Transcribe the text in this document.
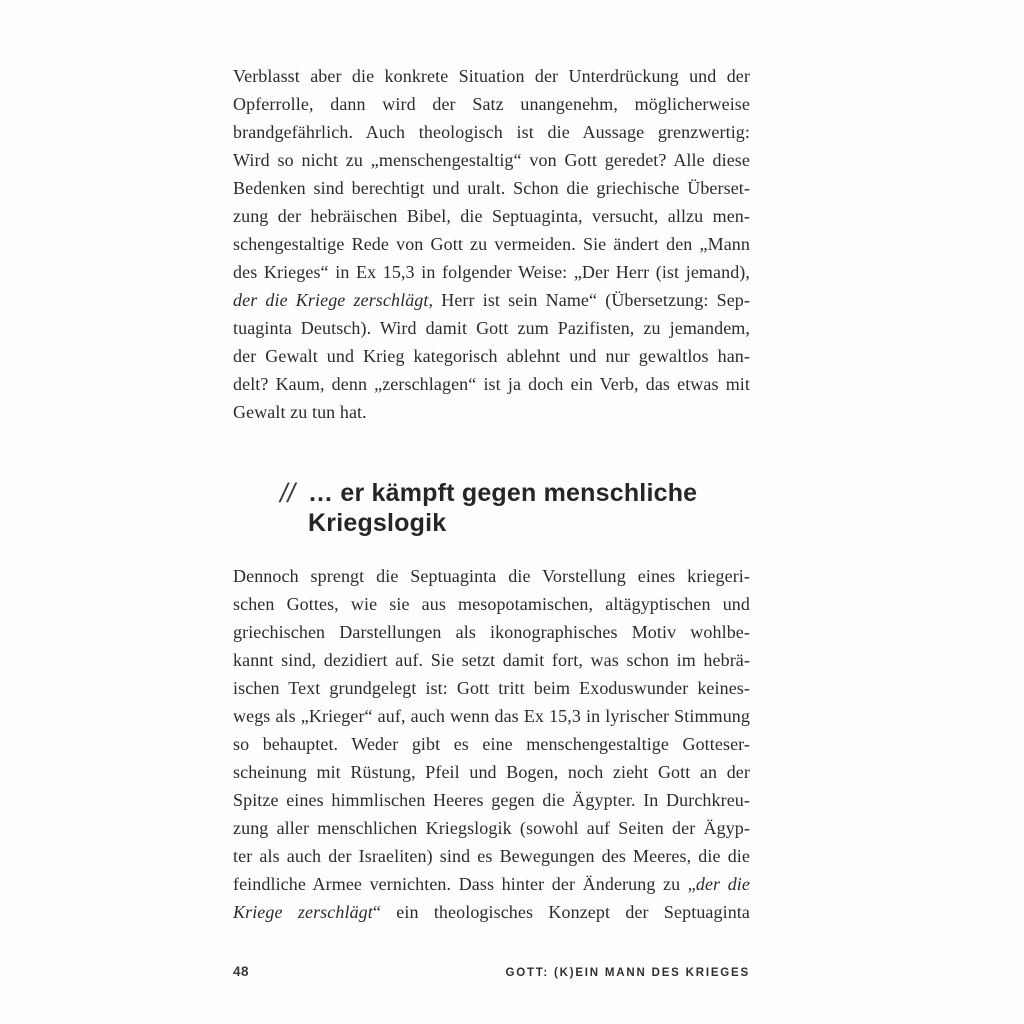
Verblasst aber die konkrete Situation der Unterdrückung und der
Opferrolle, dann wird der Satz unangenehm, möglicherweise
brandgefährlich. Auch theologisch ist die Aussage grenzwertig:
Wird so nicht zu „menschengestaltig“ von Gott geredet? Alle diese
Bedenken sind berechtigt und uralt. Schon die griechische Überset-
zung der hebräischen Bibel, die Septuaginta, versucht, allzu men-
schengestaltige Rede von Gott zu vermeiden. Sie ändert den „Mann
des Krieges“ in Ex 15,3 in folgender Weise: „Der Herr (ist jemand),
der die Kriege zerschlägt, Herr ist sein Name“ (Übersetzung: Sep-
tuaginta Deutsch). Wird damit Gott zum Pazifisten, zu jemandem,
der Gewalt und Krieg kategorisch ablehnt und nur gewaltlos han-
delt? Kaum, denn „zerschlagen“ ist ja doch ein Verb, das etwas mit
Gewalt zu tun hat.
// … er kämpft gegen menschliche
Kriegslogik
Dennoch sprengt die Septuaginta die Vorstellung eines kriegeri-
schen Gottes, wie sie aus mesopotamischen, altägyptischen und
griechischen Darstellungen als ikonographisches Motiv wohlbe-
kannt sind, dezidiert auf. Sie setzt damit fort, was schon im hebrä-
ischen Text grundgelegt ist: Gott tritt beim Exoduswunder keines-
wegs als „Krieger“ auf, auch wenn das Ex 15,3 in lyrischer Stimmung
so behauptet. Weder gibt es eine menschengestaltige Gotteser-
scheinung mit Rüstung, Pfeil und Bogen, noch zieht Gott an der
Spitze eines himmlischen Heeres gegen die Ägypter. In Durchkreu-
zung aller menschlichen Kriegslogik (sowohl auf Seiten der Ägyp-
ter als auch der Israeliten) sind es Bewegungen des Meeres, die die
feindliche Armee vernichten. Dass hinter der Änderung zu „der die
Kriege zerschlägt“ ein theologisches Konzept der Septuaginta
48	GOTT: (K)EIN MANN DES KRIEGES
